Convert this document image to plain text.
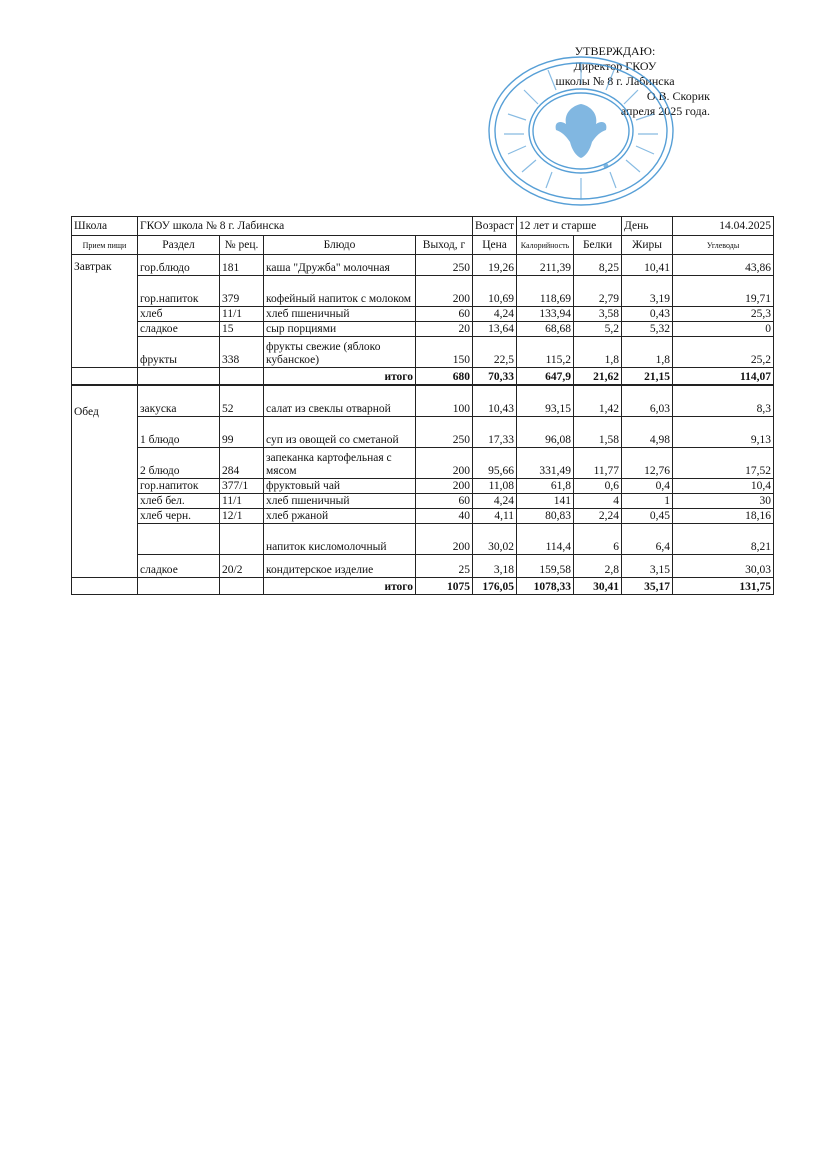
УТВЕРЖДАЮ:
Директор ГКОУ
школы № 8 г. Лабинска
О.В. Скорик
апреля 2025 года.
Школа	ГКОУ школа № 8 г. Лабинска				Возраст	12 лет и старше		День	14.04.2025
Прием пищи	Раздел	№ рец.	Блюдо	Выход, г	Цена	Калорийность	Белки	Жиры	Углеводы
Завтрак	гор.блюдо	181	каша "Дружба" молочная	250	19,26	211,39	8,25	10,41	43,86
	гор.напиток	379	кофейный напиток с молоком	200	10,69	118,69	2,79	3,19	19,71
	хлеб	11/1	хлеб пшеничный	60	4,24	133,94	3,58	0,43	25,3
	сладкое	15	сыр порциями	20	13,64	68,68	5,2	5,32	0
	фрукты	338	фрукты свежие (яблоко кубанское)	150	22,5	115,2	1,8	1,8	25,2
			итого	680	70,33	647,9	21,62	21,15	114,07
Обед	закуска	52	салат из свеклы отварной	100	10,43	93,15	1,42	6,03	8,3
	1 блюдо	99	суп из овощей со сметаной	250	17,33	96,08	1,58	4,98	9,13
	2 блюдо	284	запеканка картофельная с мясом	200	95,66	331,49	11,77	12,76	17,52
	гор.напиток	377/1	фруктовый чай	200	11,08	61,8	0,6	0,4	10,4
	хлеб бел.	11/1	хлеб пшеничный	60	4,24	141	4	1	30
	хлеб черн.	12/1	хлеб ржаной	40	4,11	80,83	2,24	0,45	18,16
			напиток кисломолочный	200	30,02	114,4	6	6,4	8,21
	сладкое	20/2	кондитерское изделие	25	3,18	159,58	2,8	3,15	30,03
			итого	1075	176,05	1078,33	30,41	35,17	131,75
